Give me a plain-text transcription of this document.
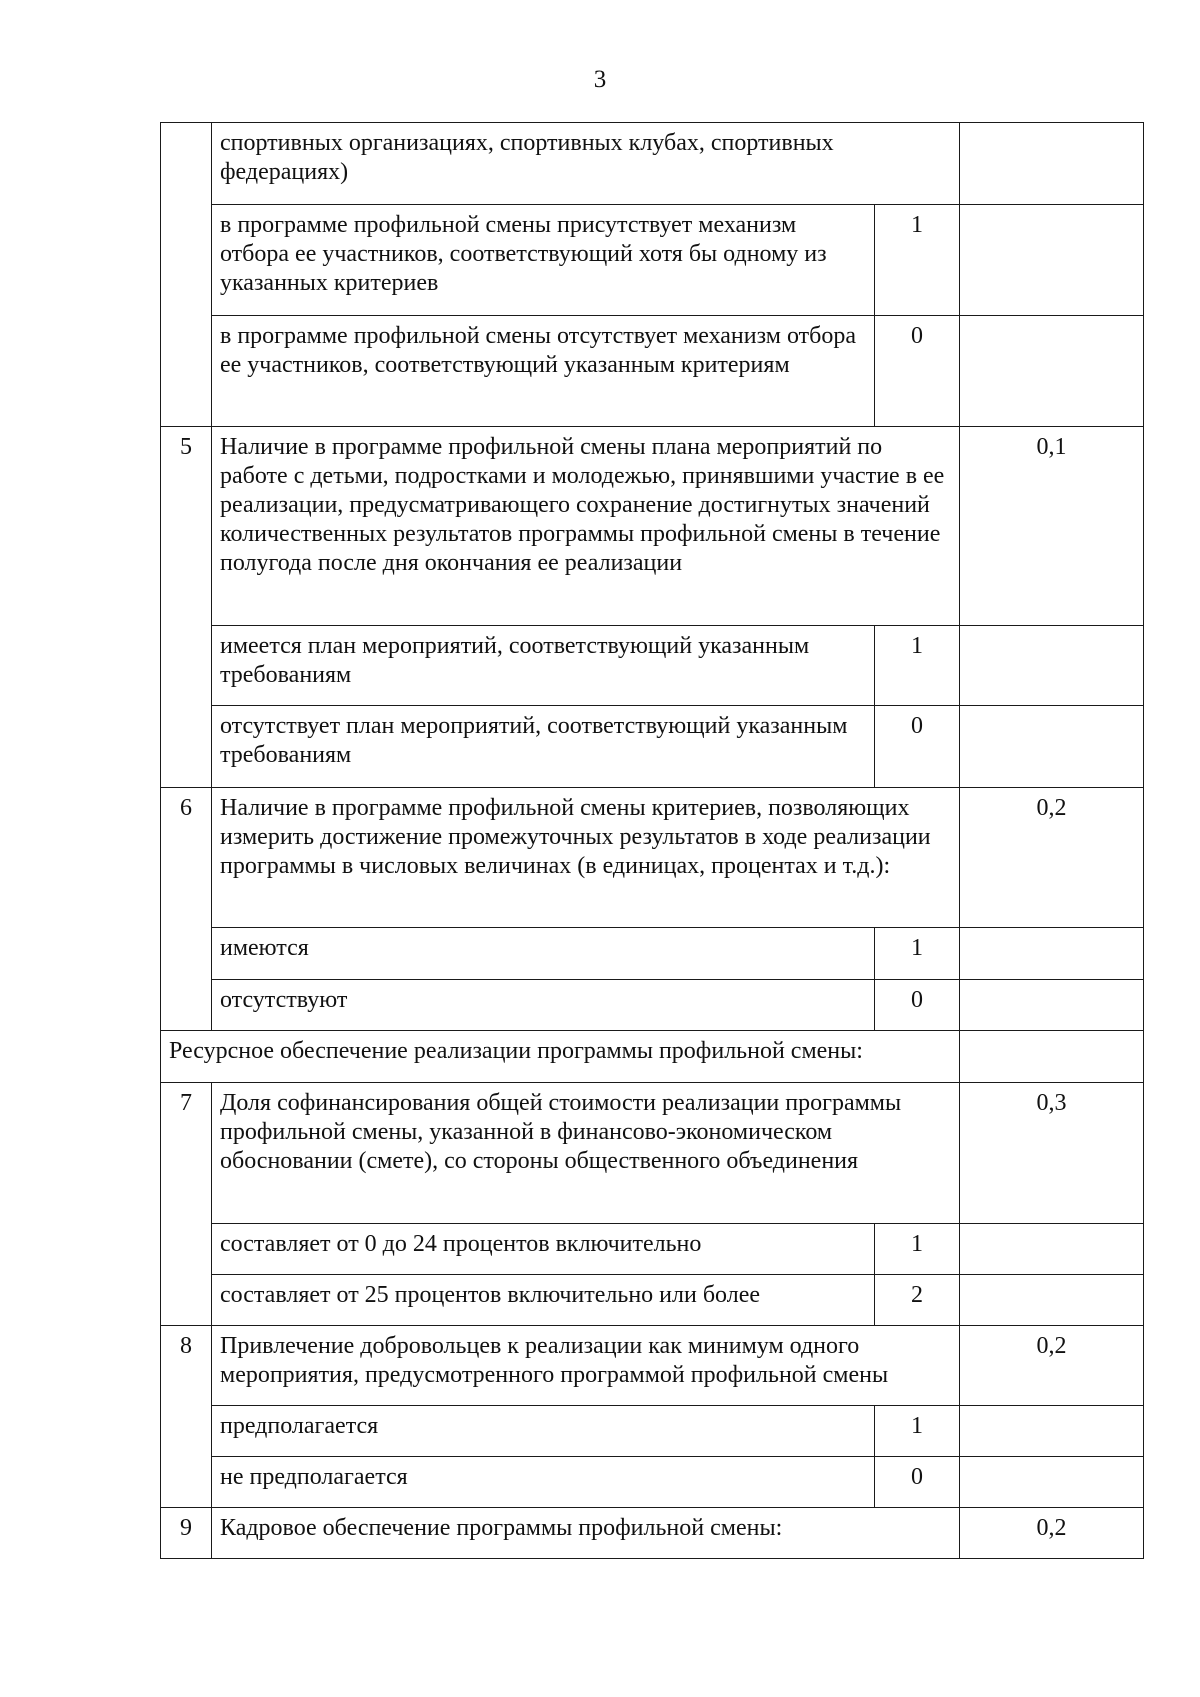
3
	спортивных организациях, спортивных клубах, спортивных федерациях)		
	в программе профильной смены присутствует механизм отбора ее участников, соответствующий хотя бы одному из указанных критериев	1	
	в программе профильной смены отсутствует механизм отбора ее участников, соответствующий указанным критериям	0	
5	Наличие в программе профильной смены плана мероприятий по работе с детьми, подростками и молодежью, принявшими участие в ее реализации, предусматривающего сохранение достигнутых значений количественных результатов программы профильной смены в течение полугода после дня окончания ее реализации		0,1
	имеется план мероприятий, соответствующий указанным требованиям	1	
	отсутствует план мероприятий, соответствующий указанным требованиям	0	
6	Наличие в программе профильной смены критериев, позволяющих измерить достижение промежуточных результатов в ходе реализации программы в числовых величинах (в единицах, процентах и т.д.):		0,2
	имеются	1	
	отсутствуют	0	
Ресурсное обеспечение реализации программы профильной смены:			
7	Доля софинансирования общей стоимости реализации программы профильной смены, указанной в финансово-экономическом обосновании (смете), со стороны общественного объединения		0,3
	составляет от 0 до 24 процентов включительно	1	
	составляет от 25 процентов включительно или более	2	
8	Привлечение добровольцев к реализации как минимум одного мероприятия, предусмотренного программой профильной смены		0,2
	предполагается	1	
	не предполагается	0	
9	Кадровое обеспечение программы профильной смены:		0,2
